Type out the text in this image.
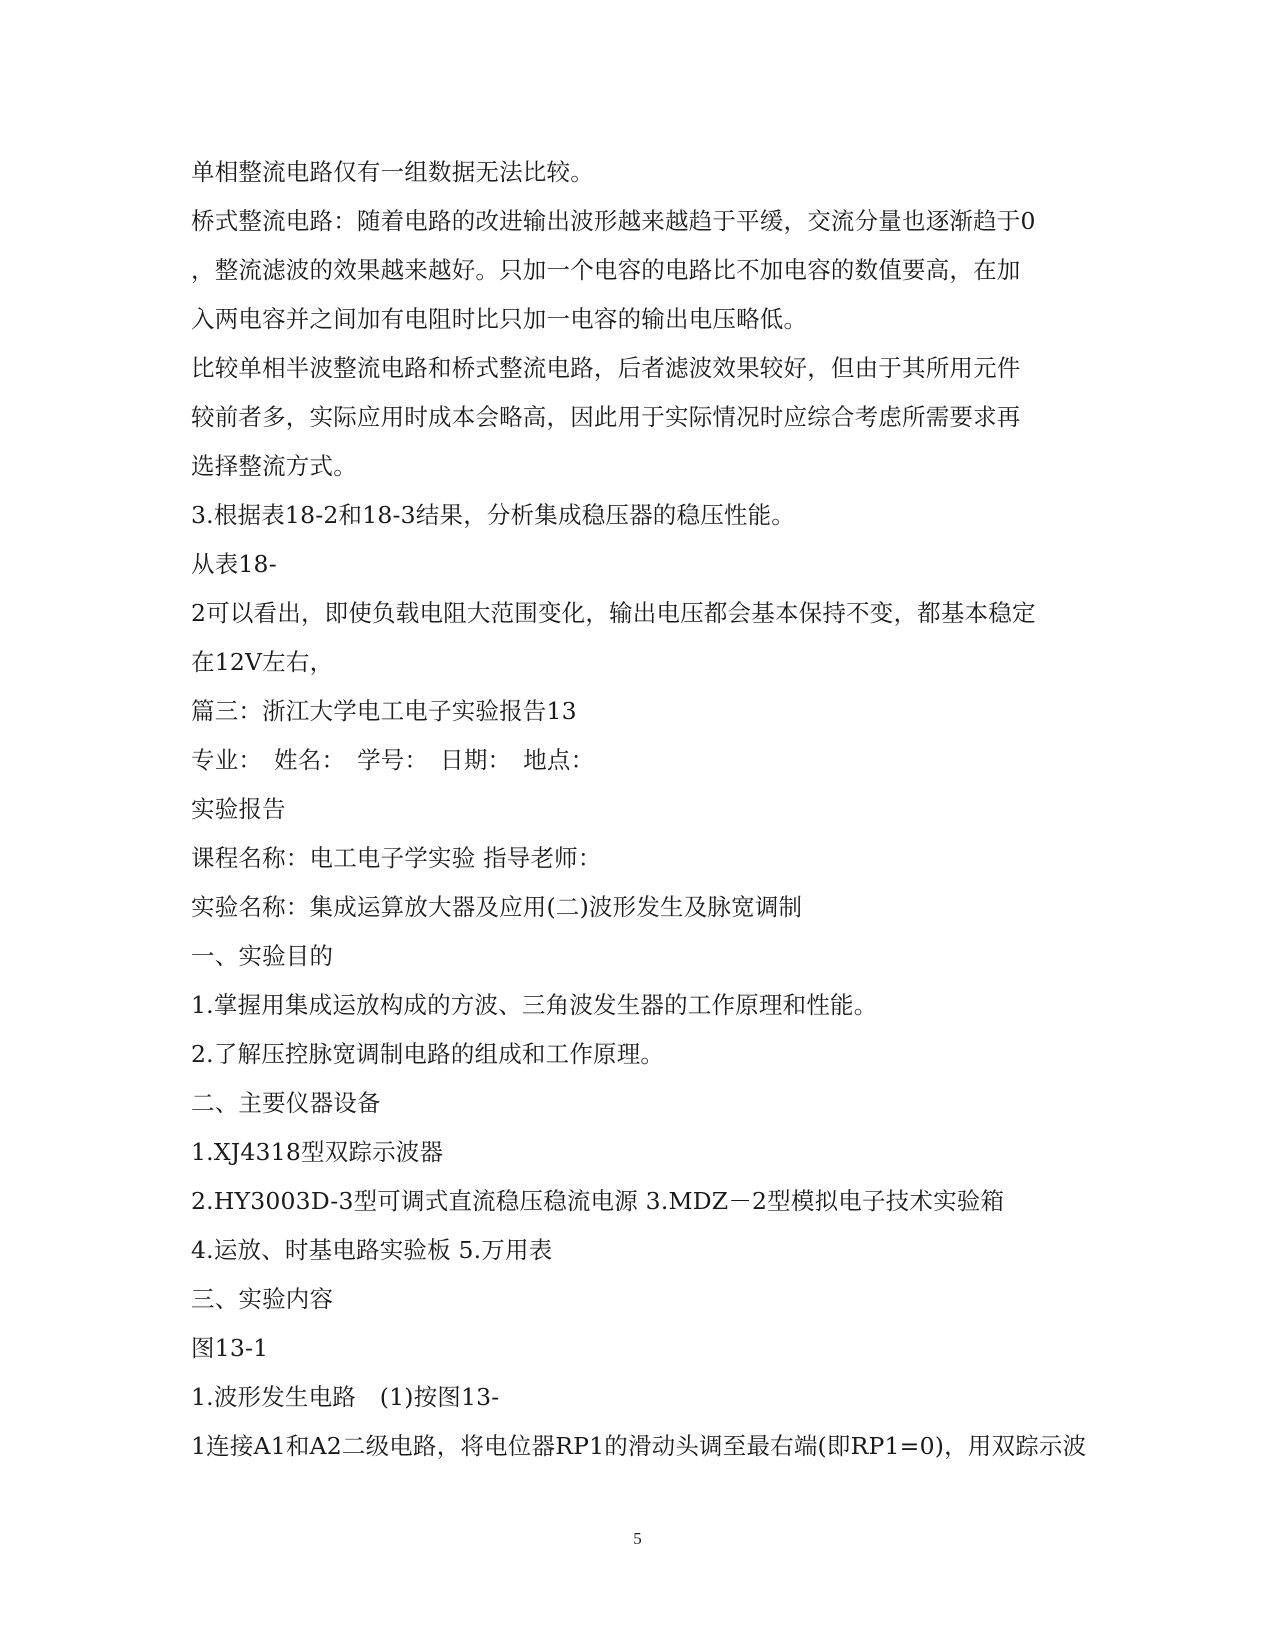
单相整流电路仅有一组数据无法比较。
桥式整流电路：随着电路的改进输出波形越来越趋于平缓，交流分量也逐渐趋于0
，整流滤波的效果越来越好。只加一个电容的电路比不加电容的数值要高，在加
入两电容并之间加有电阻时比只加一电容的输出电压略低。
比较单相半波整流电路和桥式整流电路，后者滤波效果较好，但由于其所用元件
较前者多，实际应用时成本会略高，因此用于实际情况时应综合考虑所需要求再
选择整流方式。
3.根据表18-2和18-3结果，分析集成稳压器的稳压性能。
从表18-
2可以看出，即使负载电阻大范围变化，输出电压都会基本保持不变，都基本稳定
在12V左右，
篇三：浙江大学电工电子实验报告13
专业：　姓名：　学号：　日期：　地点：
实验报告
课程名称：电工电子学实验 指导老师：
实验名称：集成运算放大器及应用(二)波形发生及脉宽调制
一、实验目的
1.掌握用集成运放构成的方波、三角波发生器的工作原理和性能。
2.了解压控脉宽调制电路的组成和工作原理。
二、主要仪器设备
1.XJ4318型双踪示波器
2.HY3003D-3型可调式直流稳压稳流电源 3.MDZ－2型模拟电子技术实验箱
4.运放、时基电路实验板 5.万用表
三、实验内容
图13-1
1.波形发生电路　(1)按图13-
1连接A1和A2二级电路，将电位器RP1的滑动头调至最右端(即RP1=0)，用双踪示波
5
